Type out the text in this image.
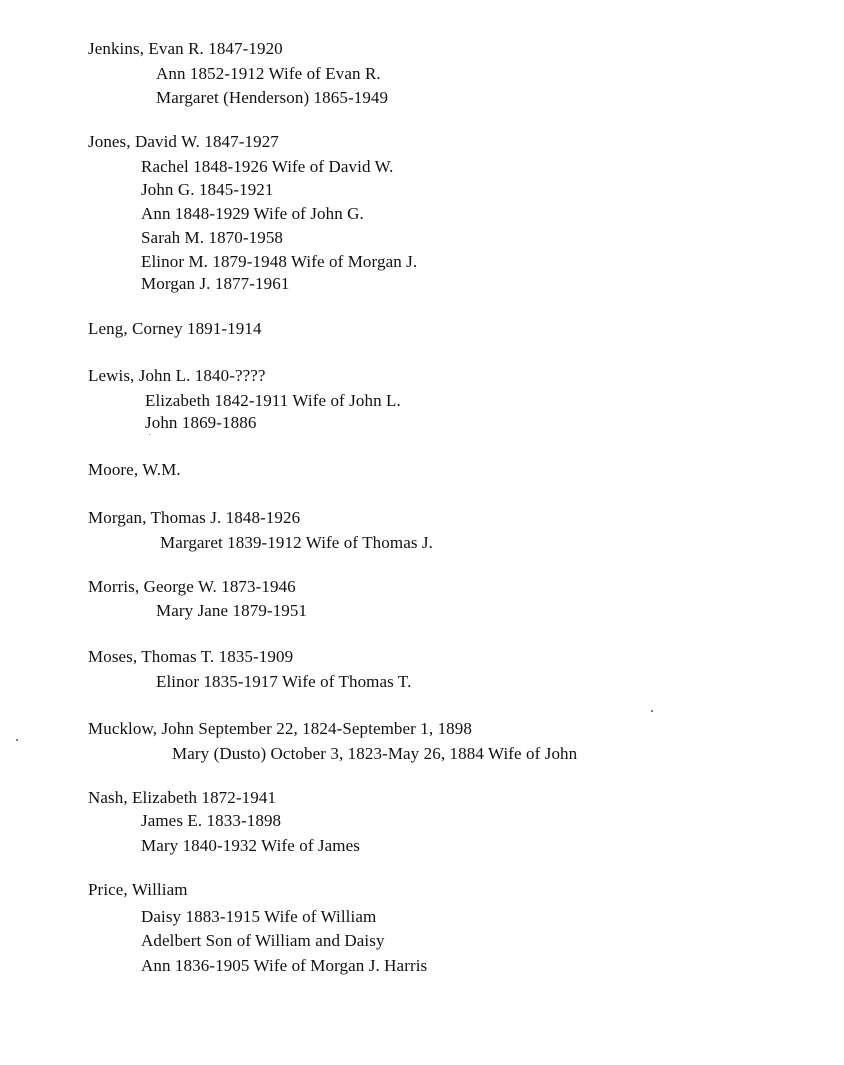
Jenkins, Evan R. 1847-1920
Ann 1852-1912 Wife of Evan R.
Margaret (Henderson) 1865-1949
Jones, David W. 1847-1927
Rachel 1848-1926 Wife of David W.
John G. 1845-1921
Ann 1848-1929 Wife of John G.
Sarah M. 1870-1958
Elinor M. 1879-1948 Wife of Morgan J.
Morgan J. 1877-1961
Leng, Corney 1891-1914
Lewis, John L. 1840-????
Elizabeth 1842-1911 Wife of John L.
John 1869-1886
Moore, W.M.
Morgan, Thomas J. 1848-1926
Margaret 1839-1912 Wife of Thomas J.
Morris, George W. 1873-1946
Mary Jane 1879-1951
Moses, Thomas T. 1835-1909
Elinor 1835-1917 Wife of Thomas T.
Mucklow, John September 22, 1824-September 1, 1898
Mary (Dusto) October 3, 1823-May 26, 1884 Wife of John
Nash, Elizabeth 1872-1941
James E. 1833-1898
Mary 1840-1932 Wife of James
Price, William
Daisy 1883-1915 Wife of William
Adelbert Son of William and Daisy
Ann 1836-1905 Wife of Morgan J. Harris
